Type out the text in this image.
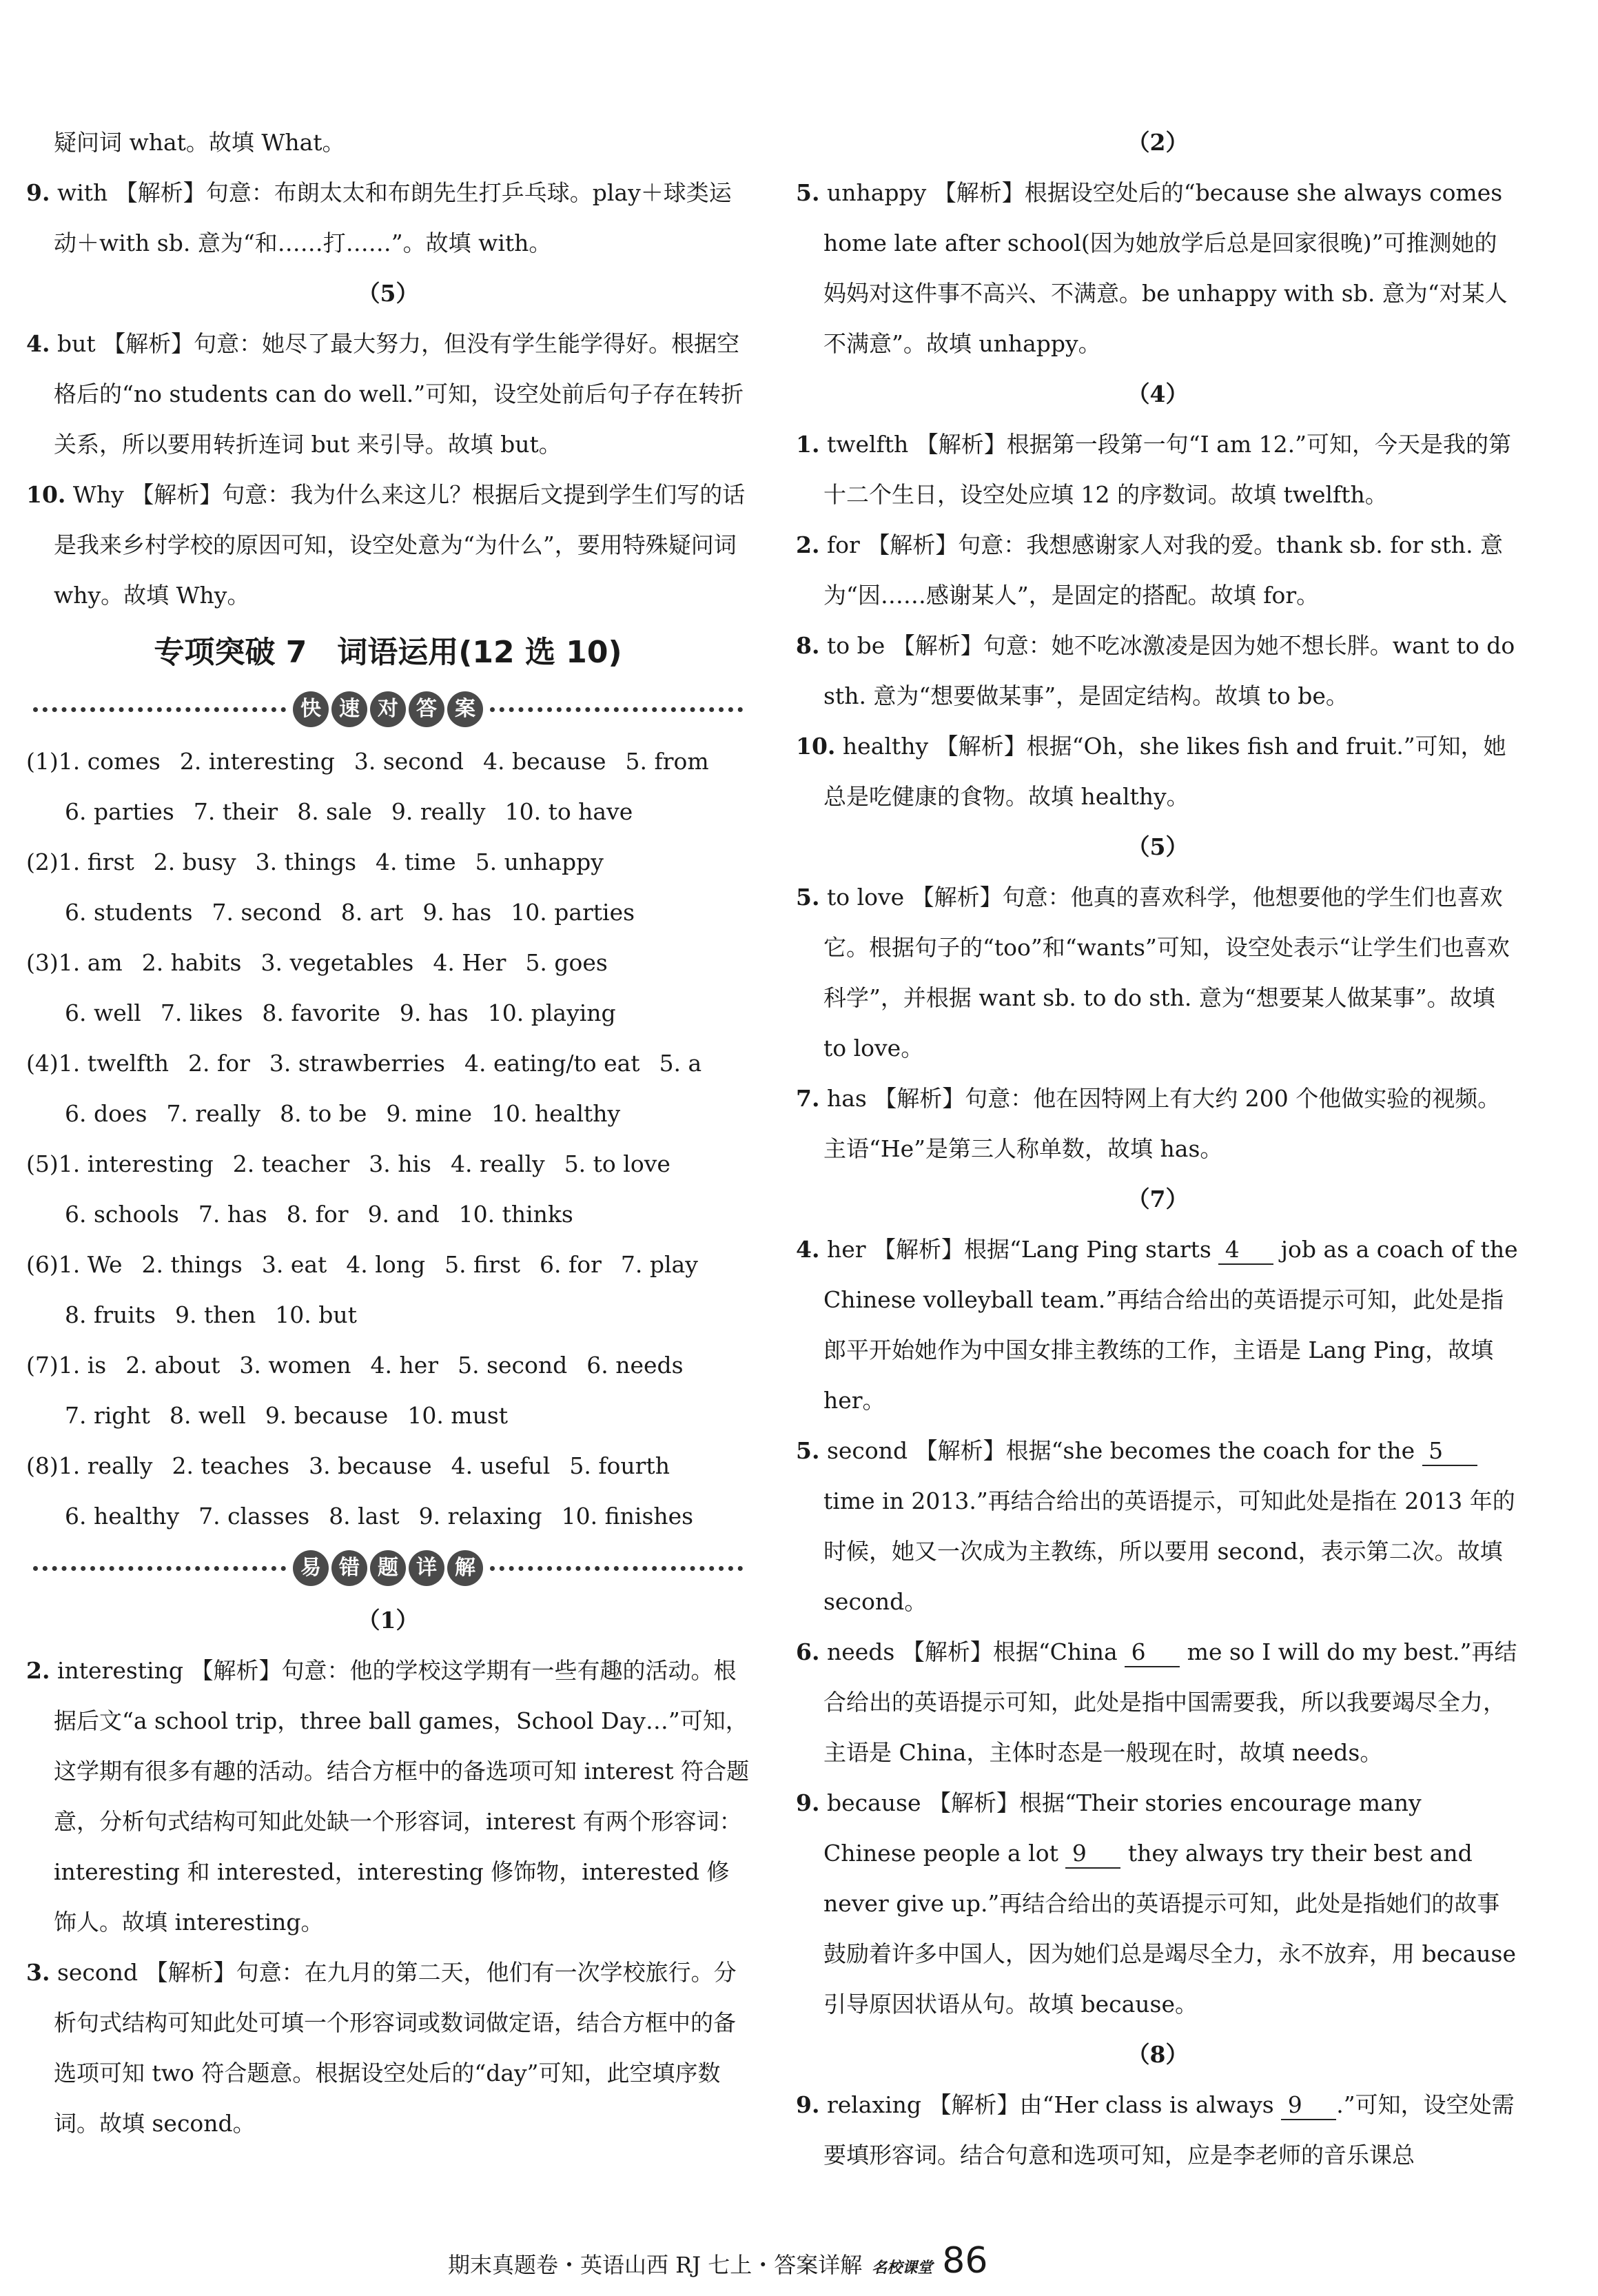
疑问词 what。故填 What。

9. with 【解析】句意：布朗太太和布朗先生打乒乓球。play＋球类运动＋with sb. 意为“和……打……”。故填 with。

（5）

4. but 【解析】句意：她尽了最大努力，但没有学生能学得好。根据空格后的“no students can do well.”可知，设空处前后句子存在转折关系，所以要用转折连词 but 来引导。故填 but。

10. Why 【解析】句意：我为什么来这儿？根据后文提到学生们写的话是我来乡村学校的原因可知，设空处意为“为什么”，要用特殊疑问词 why。故填 Why。

专项突破 7　词语运用(12 选 10)
快 速 对 答 案

(1)1. comes 2. interesting 3. second 4. because 5. from

6. parties 7. their 8. sale 9. really 10. to have

(2)1. first 2. busy 3. things 4. time 5. unhappy

6. students 7. second 8. art 9. has 10. parties

(3)1. am 2. habits 3. vegetables 4. Her 5. goes

6. well 7. likes 8. favorite 9. has 10. playing

(4)1. twelfth 2. for 3. strawberries 4. eating/to eat 5. a

6. does 7. really 8. to be 9. mine 10. healthy

(5)1. interesting 2. teacher 3. his 4. really 5. to love

6. schools 7. has 8. for 9. and 10. thinks

(6)1. We 2. things 3. eat 4. long 5. first 6. for 7. play

8. fruits 9. then 10. but

(7)1. is 2. about 3. women 4. her 5. second 6. needs

7. right 8. well 9. because 10. must

(8)1. really 2. teaches 3. because 4. useful 5. fourth

6. healthy 7. classes 8. last 9. relaxing 10. finishes

易 错 题 详 解

（1）

2. interesting 【解析】句意：他的学校这学期有一些有趣的活动。根据后文“a school trip，three ball games，School Day…”可知，这学期有很多有趣的活动。结合方框中的备选项可知 interest 符合题意，分析句式结构可知此处缺一个形容词，interest 有两个形容词：interesting 和 interested，interesting 修饰物，interested 修饰人。故填 interesting。

3. second 【解析】句意：在九月的第二天，他们有一次学校旅行。分析句式结构可知此处可填一个形容词或数词做定语，结合方框中的备选项可知 two 符合题意。根据设空处后的“day”可知，此空填序数词。故填 second。

（2）

5. unhappy 【解析】根据设空处后的“because she always comes home late after school(因为她放学后总是回家很晚)”可推测她的妈妈对这件事不高兴、不满意。be unhappy with sb. 意为“对某人不满意”。故填 unhappy。

（4）

1. twelfth 【解析】根据第一段第一句“I am 12.”可知，今天是我的第十二个生日，设空处应填 12 的序数词。故填 twelfth。

2. for 【解析】句意：我想感谢家人对我的爱。thank sb. for sth. 意为“因……感谢某人”，是固定的搭配。故填 for。

8. to be 【解析】句意：她不吃冰激凌是因为她不想长胖。want to do sth. 意为“想要做某事”，是固定结构。故填 to be。

10. healthy 【解析】根据“Oh，she likes fish and fruit.”可知，她总是吃健康的食物。故填 healthy。

（5）

5. to love 【解析】句意：他真的喜欢科学，他想要他的学生们也喜欢它。根据句子的“too”和“wants”可知，设空处表示“让学生们也喜欢科学”，并根据 want sb. to do sth. 意为“想要某人做某事”。故填 to love。

7. has 【解析】句意：他在因特网上有大约 200 个他做实验的视频。主语“He”是第三人称单数，故填 has。

（7）

4. her 【解析】根据“Lang Ping starts 4 job as a coach of the Chinese volleyball team.”再结合给出的英语提示可知，此处是指郎平开始她作为中国女排主教练的工作，主语是 Lang Ping，故填 her。

5. second 【解析】根据“she becomes the coach for the 5 time in 2013.”再结合给出的英语提示，可知此处是指在 2013 年的时候，她又一次成为主教练，所以要用 second，表示第二次。故填 second。

6. needs 【解析】根据“China 6 me so I will do my best.”再结合给出的英语提示可知，此处是指中国需要我，所以我要竭尽全力，主语是 China，主体时态是一般现在时，故填 needs。

9. because 【解析】根据“Their stories encourage many Chinese people a lot 9 they always try their best and never give up.”再结合给出的英语提示可知，此处是指她们的故事鼓励着许多中国人，因为她们总是竭尽全力，永不放弃，用 because 引导原因状语从句。故填 because。

（8）

9. relaxing 【解析】由“Her class is always 9 .”可知，设空处需要填形容词。结合句意和选项可知，应是李老师的音乐课总

期末真题卷・英语山西 RJ 七上・答案详解 名校课堂 86
